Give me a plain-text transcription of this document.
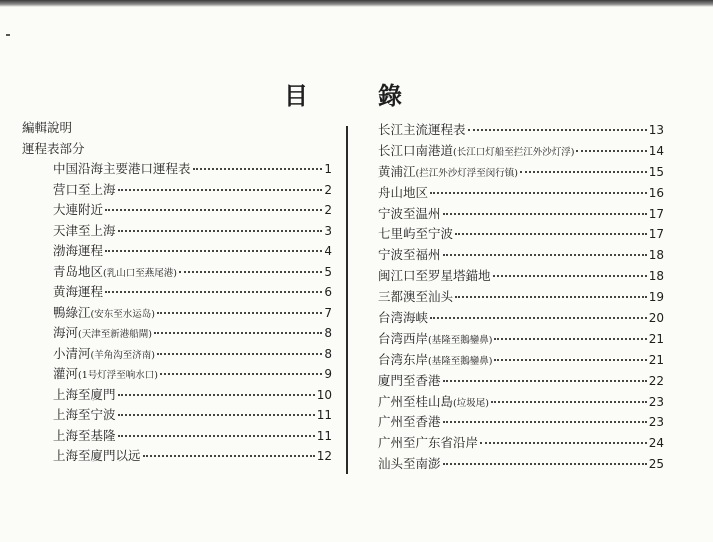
目	錄
編輯說明
運程表部分
中国沿海主要港口運程表	1
营口至上海	2
大連附近	2
天津至上海	3
渤海運程	4
青岛地区 (乳山口至燕尾港)	5
黄海運程	6
鴨綠江 (安东至水运岛)	7
海河 (天津至新港船閘)	8
小清河 (羊角沟至济南)	8
灌河 (1号灯浮至响水口)	9
上海至廈門	10
上海至宁波	11
上海至基隆	11
上海至廈門以远	12
长江主流運程表	13
长江口南港道 (长江口灯船至拦江外沙灯浮)	14
黄浦江 (拦江外沙灯浮至闵行镇)	15
舟山地区	16
宁波至温州	17
七里屿至宁波	17
宁波至福州	18
闽江口至罗星塔錨地	18
三都澳至汕头	19
台湾海峡	20
台湾西岸 (基隆至鵝鑾鼻)	21
台湾东岸 (基隆至鵝鑾鼻)	21
廈門至香港	22
广州至桂山島 (垃圾尾)	23
广州至香港	23
广州至广东省沿岸	24
汕头至南澎	25
